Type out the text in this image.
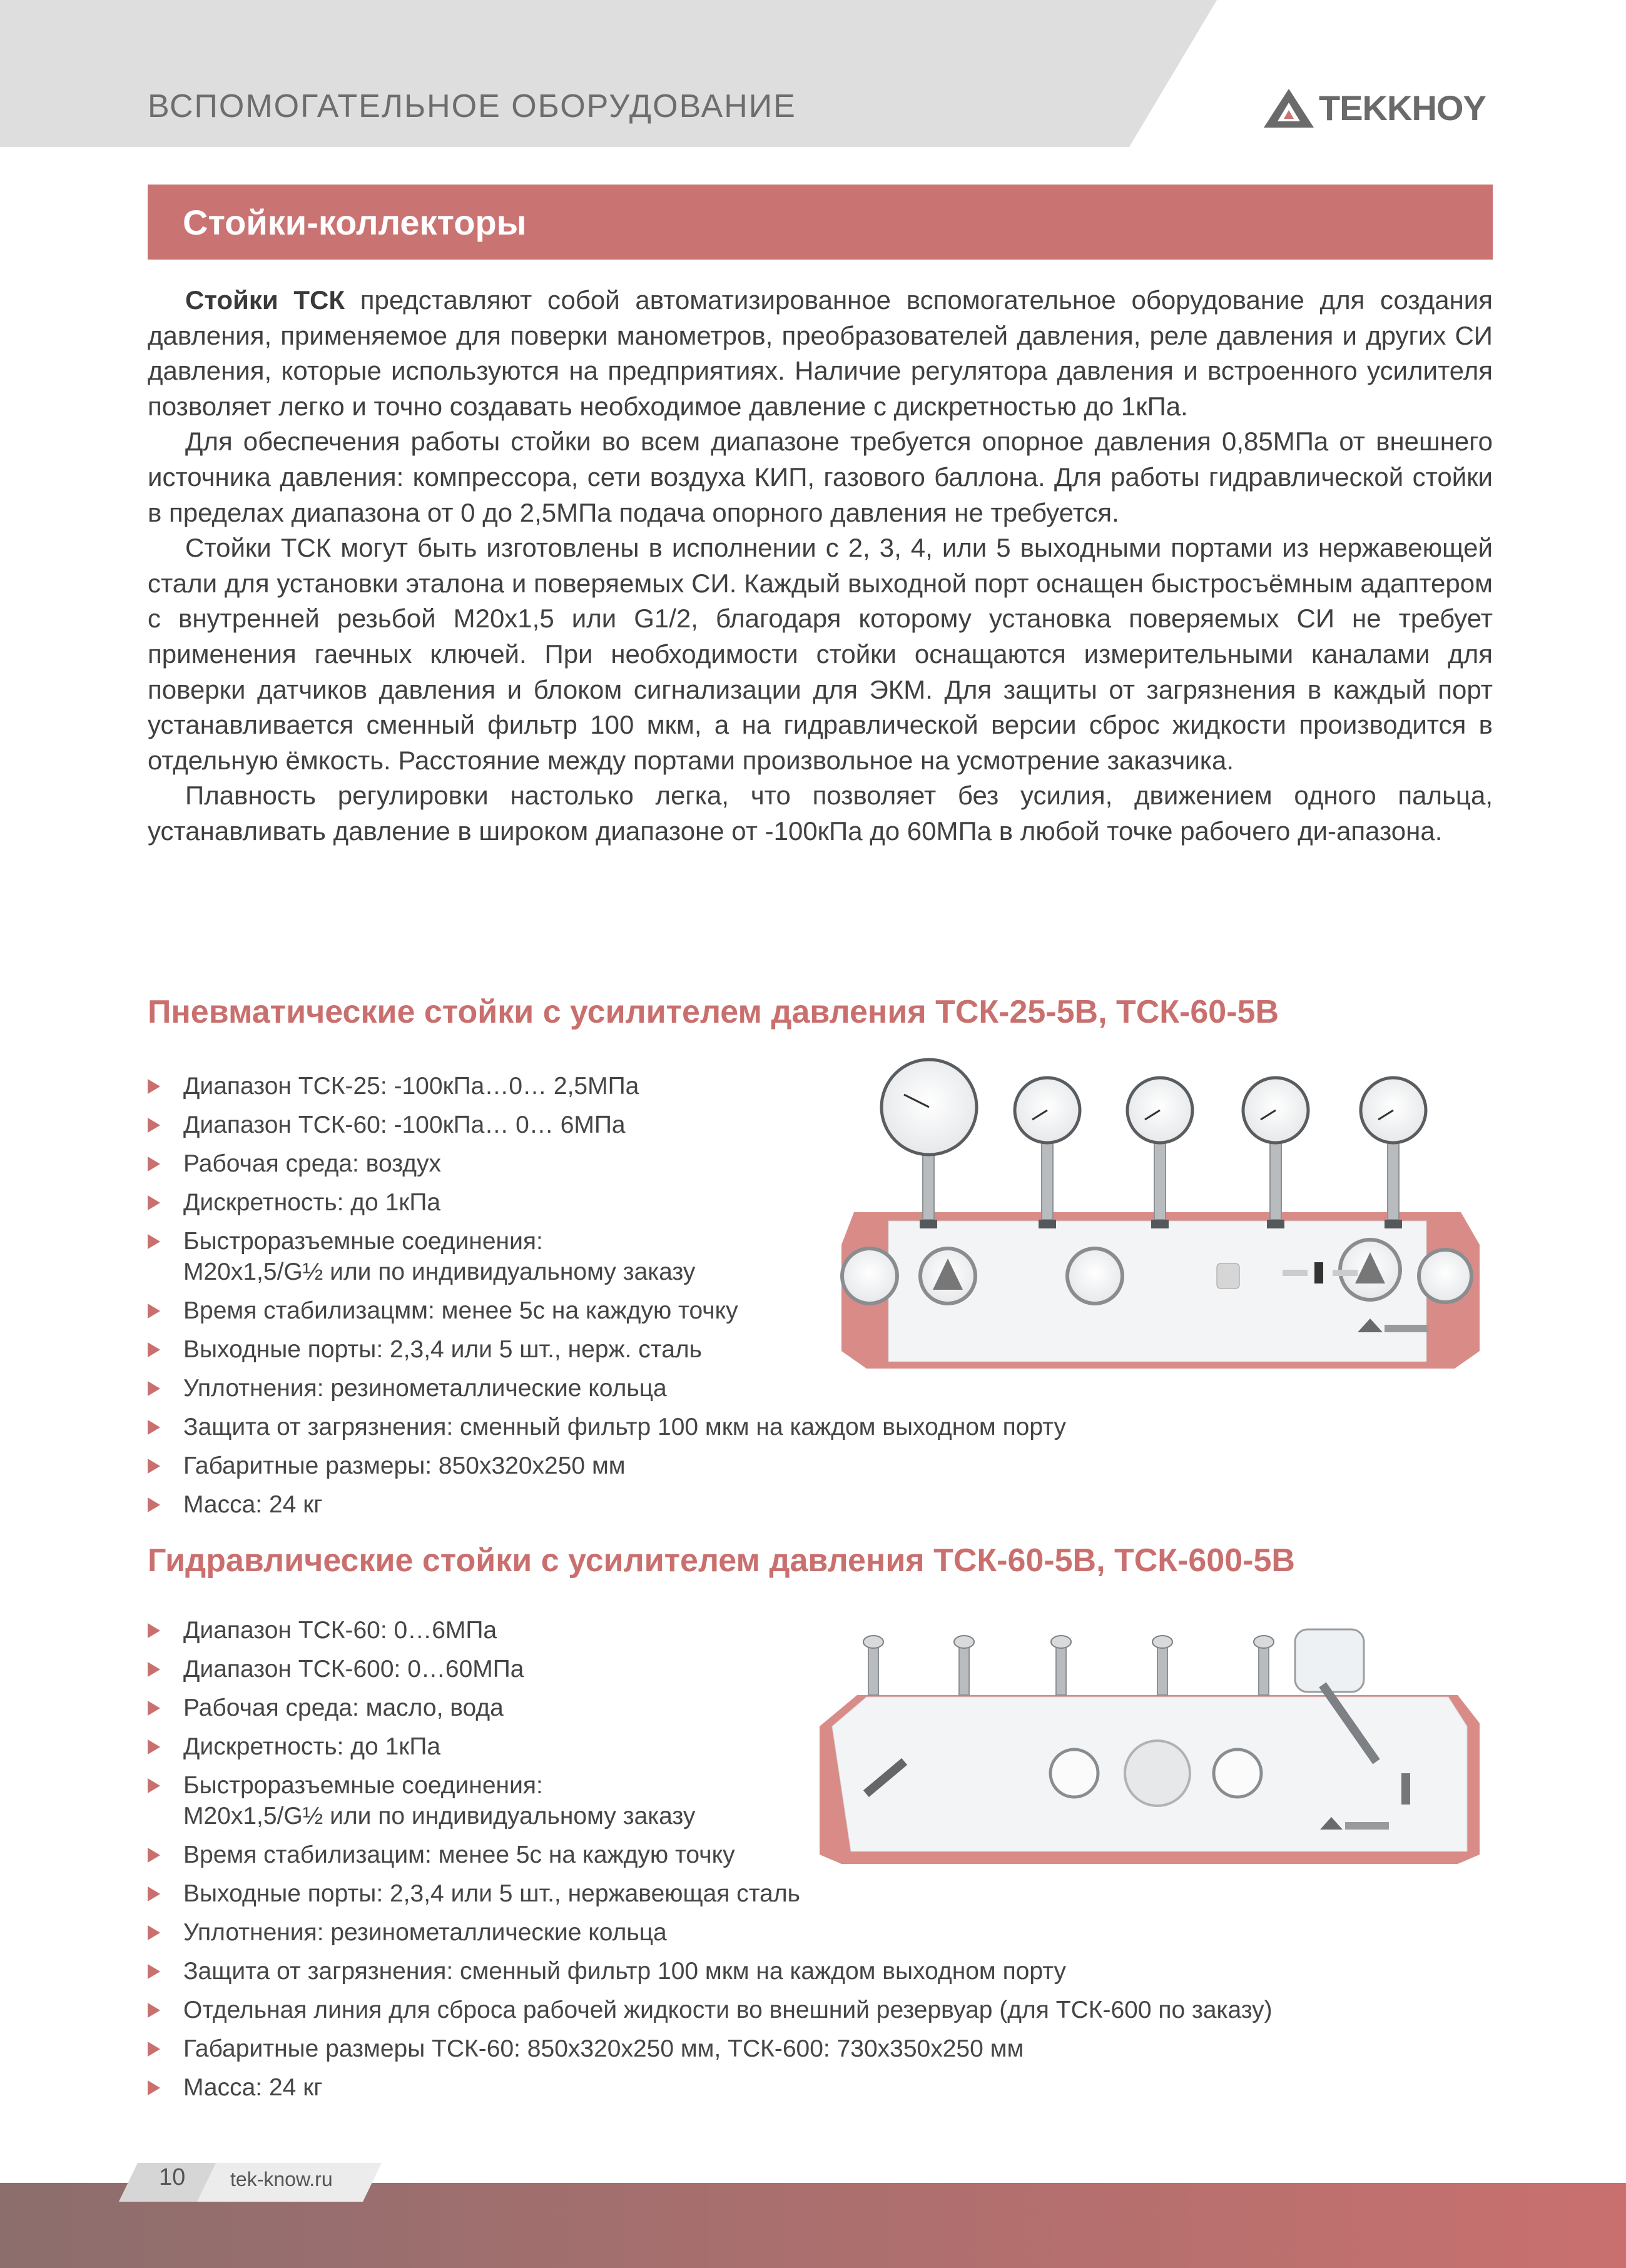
ВСПОМОГАТЕЛЬНОЕ ОБОРУДОВАНИЕ	TEKKHOY
Стойки-коллекторы

Стойки ТСК представляют собой автоматизированное вспомогательное оборудование для создания давления, применяемое для поверки манометров, преобразователей давления, реле давления и других СИ давления, которые используются на предприятиях. Наличие регулятора давления и встроенного усилителя позволяет легко и точно создавать необходимое давление с дискретностью до 1кПа.

Для обеспечения работы стойки во всем диапазоне требуется опорное давления 0,85МПа от внешнего источника давления: компрессора, сети воздуха КИП, газового баллона. Для работы гидравлической стойки в пределах диапазона от 0 до 2,5МПа подача опорного давления не требуется.

Стойки ТСК могут быть изготовлены в исполнении с 2, 3, 4, или 5 выходными портами из нержавеющей стали для установки эталона и поверяемых СИ. Каждый выходной порт оснащен быстросъёмным адаптером с внутренней резьбой М20х1,5 или G1/2, благодаря которому установка поверяемых СИ не требует применения гаечных ключей. При необходимости стойки оснащаются измерительными каналами для поверки датчиков давления и блоком сигнализации для ЭКМ. Для защиты от загрязнения в каждый порт устанавливается сменный фильтр 100 мкм, а на гидравлической версии сброс жидкости производится в отдельную ёмкость. Расстояние между портами произвольное на усмотрение заказчика.

Плавность регулировки настолько легка, что позволяет без усилия, движением одного пальца, устанавливать давление в широком диапазоне от -100кПа до 60МПа в любой точке рабочего ди-апазона.

Пневматические стойки с усилителем давления ТСК-25-5В, ТСК-60-5В
Диапазон ТСК-25: -100кПа…0… 2,5МПа
Диапазон ТСК-60: -100кПа… 0… 6МПа
Рабочая среда: воздух
Дискретность: до 1кПа
Быстроразъемные соединения:
М20х1,5/G½ или по индивидуальному заказу
Время стабилизацмм: менее 5с на каждую точку
Выходные порты: 2,3,4 или 5 шт., нерж. сталь
Уплотнения: резинометаллические кольца
Защита от загрязнения: сменный фильтр 100 мкм на каждом выходном порту
Габаритные размеры: 850х320х250 мм
Масса: 24 кг
Гидравлические стойки с усилителем давления ТСК-60-5В, ТСК-600-5В
Диапазон ТСК-60: 0…6МПа
Диапазон ТСК-600: 0…60МПа
Рабочая среда: масло, вода
Дискретность: до 1кПа
Быстроразъемные соединения:
М20х1,5/G½ или по индивидуальному заказу
Время стабилизацим: менее 5с на каждую точку
Выходные порты: 2,3,4 или 5 шт., нержавеющая сталь
Уплотнения: резинометаллические кольца
Защита от загрязнения: сменный фильтр 100 мкм на каждом выходном порту
Отдельная линия для сброса рабочей жидкости во внешний резервуар (для ТСК-600 по заказу)
Габаритные размеры ТСК-60: 850х320х250 мм, ТСК-600: 730х350х250 мм
Масса: 24 кг
10 tek-know.ru
